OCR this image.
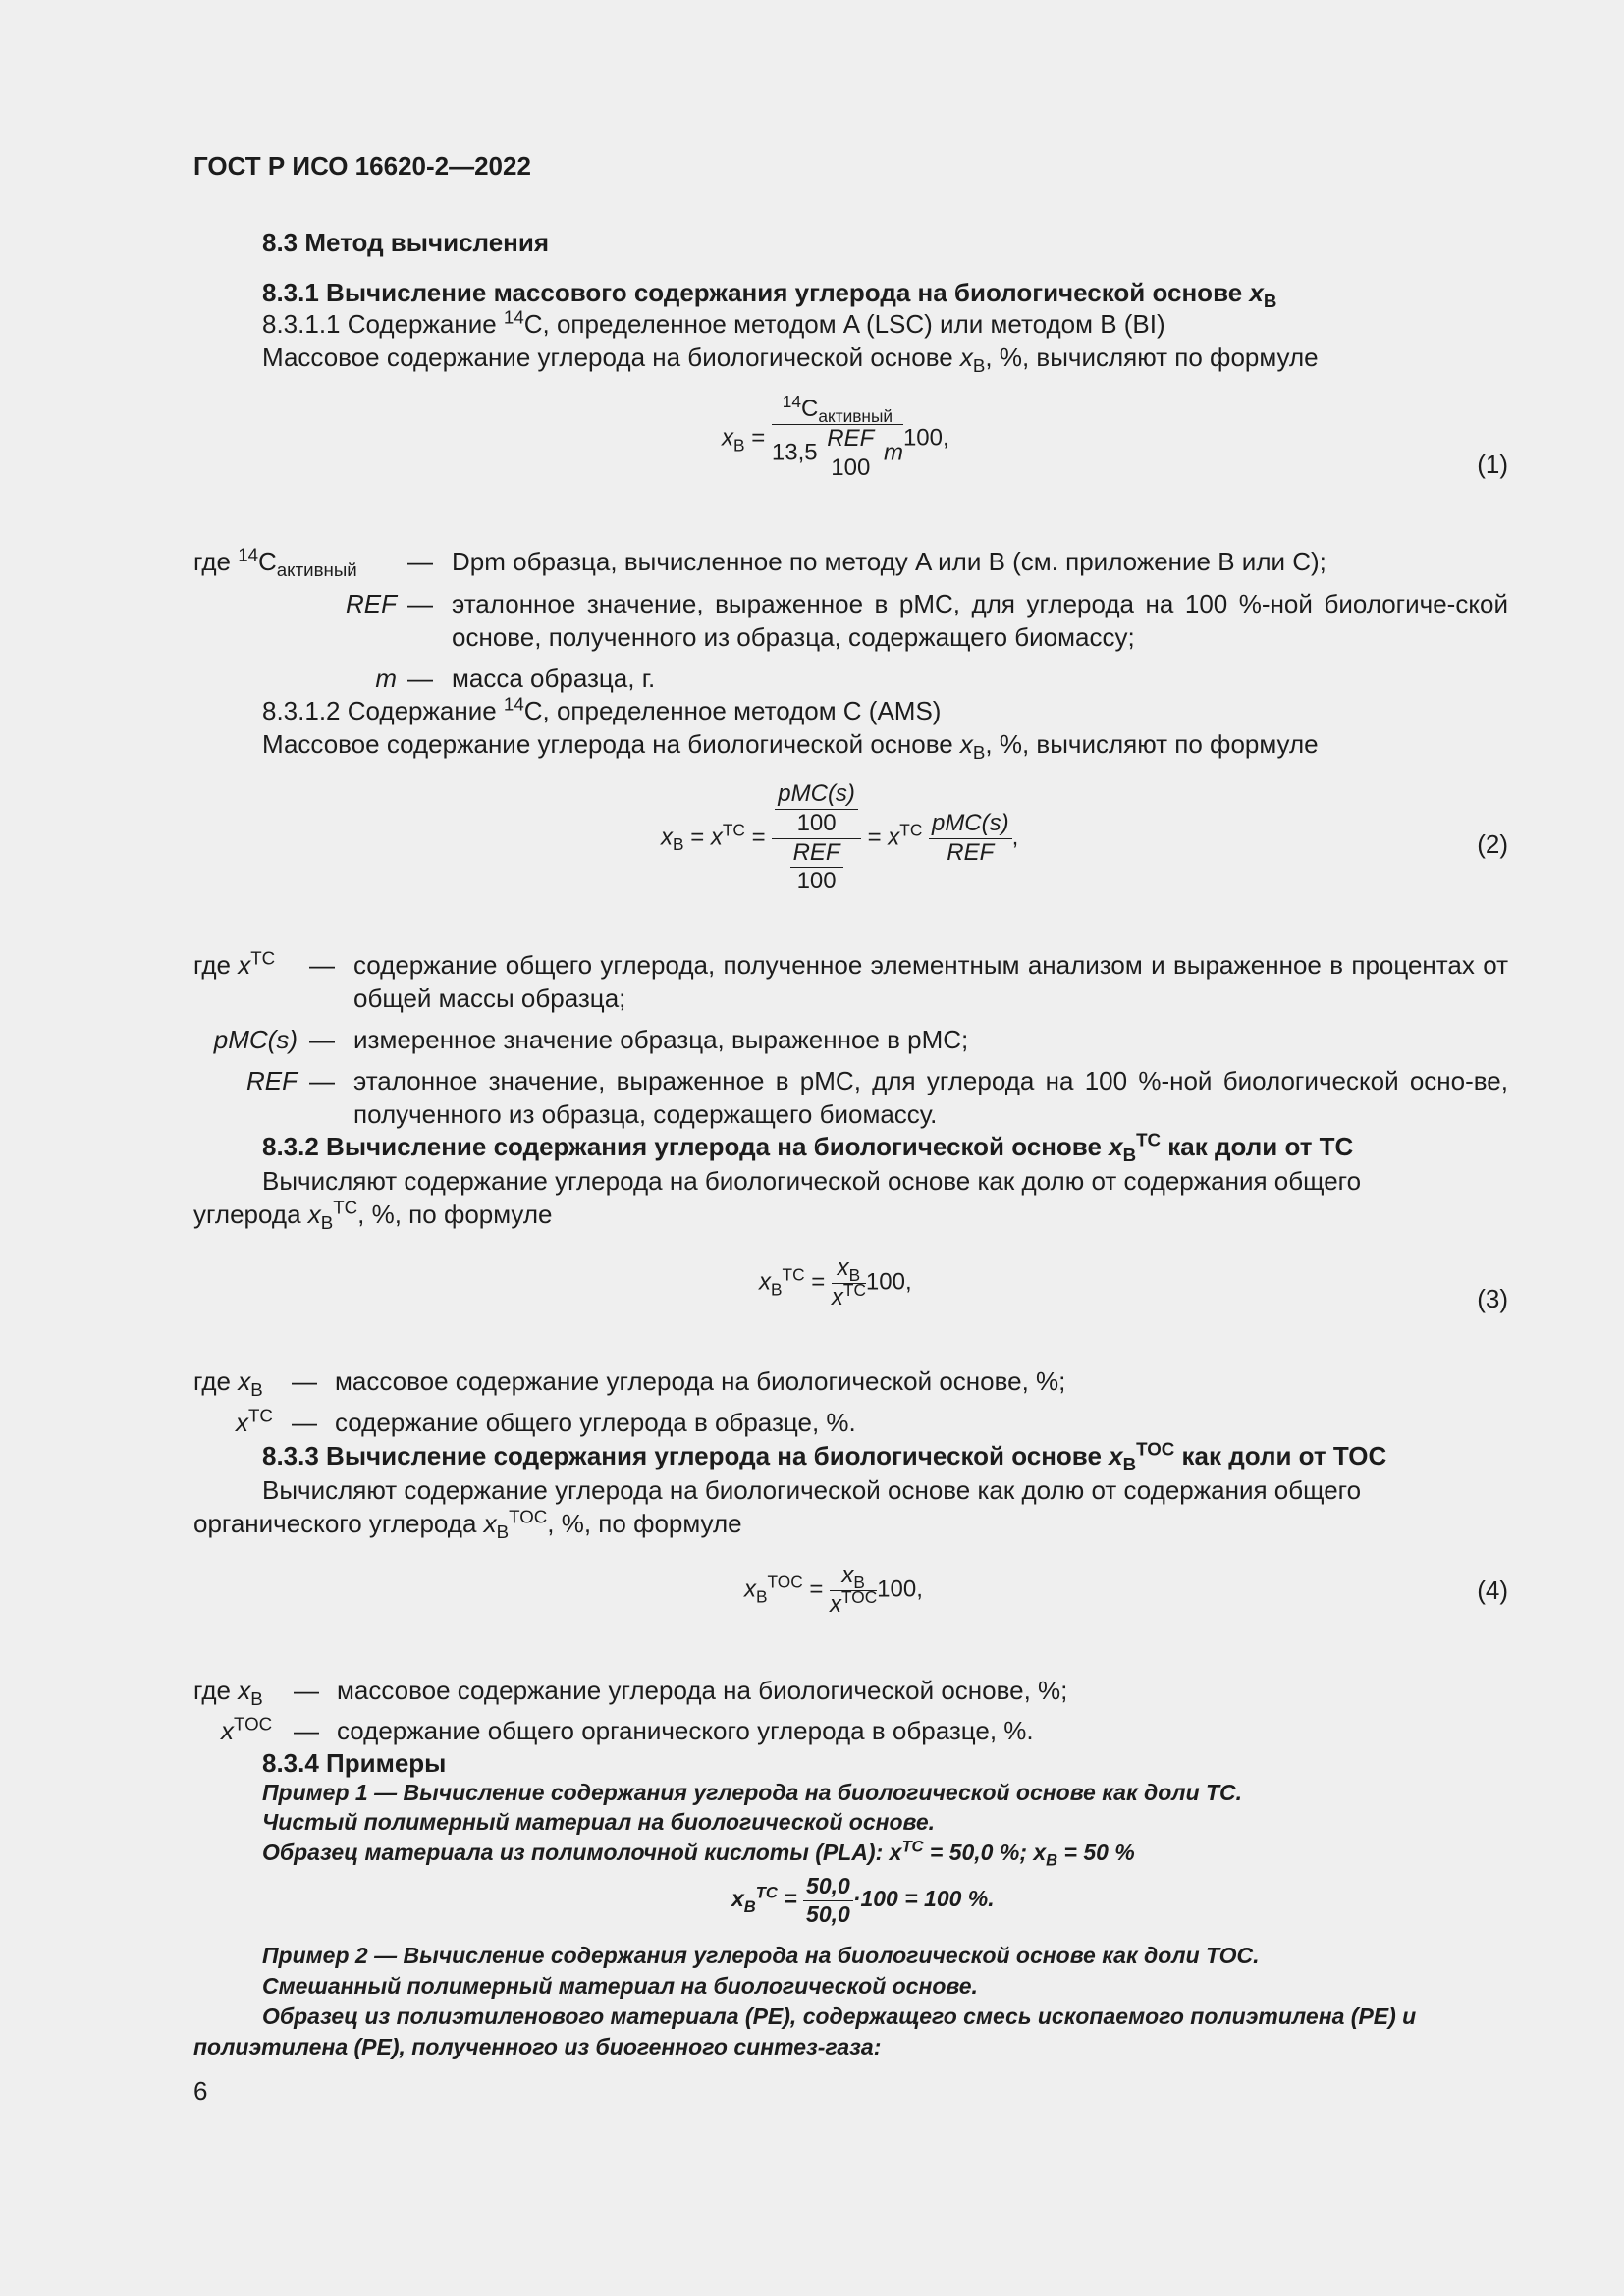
ГОСТ Р ИСО 16620-2—2022
8.3 Метод вычисления
8.3.1 Вычисление массового содержания углерода на биологической основе $x_B$
8.3.1.1 Содержание $^{14}$C, определенное методом A (LSC) или методом B (BI)
Массовое содержание углерода на биологической основе $x_B$, %, вычисляют по формуле
$x_B = \frac{^{14}C_{активный}}{13,5 \frac{\text{REF}}{100} m} 100$,
(1)
где $^{14}C_{активный}$ — Dpm образца, вычисленное по методу A или B (см. приложение B или C);
REF — эталонное значение, выраженное в pMC, для углерода на 100 %-ной биологиче-ской основе, полученного из образца, содержащего биомассу;
m — масса образца, г.
8.3.1.2 Содержание $^{14}$C, определенное методом C (AMS)
Массовое содержание углерода на биологической основе $x_B$, %, вычисляют по формуле
$x_B = x^{TC} = \frac{\frac{\text{pMC(s)}}{100}}{\frac{\text{REF}}{100}} = x^{TC} \frac{\text{pMC(s)}}{\text{REF}}$ ,	(2)
где $x^{TC}$ — содержание общего углерода, полученное элементным анализом и выраженное в процентах от общей массы образца;
pMC(s) — измеренное значение образца, выраженное в pMC;
REF — эталонное значение, выраженное в pMC, для углерода на 100 %-ной биологической осно-ве, полученного из образца, содержащего биомассу.
8.3.2 Вычисление содержания углерода на биологической основе $x_B^{TC}$ как доли от TC
Вычисляют содержание углерода на биологической основе как долю от содержания общего
углерода $x_B^{TC}$, %, по формуле
$x_B^{TC} = \frac{x_B}{x^{TC}} 100$,
(3)
где $x_B$ — массовое содержание углерода на биологической основе, %;
$x^{TC}$ — содержание общего углерода в образце, %.
8.3.3 Вычисление содержания углерода на биологической основе $x_B^{TOC}$ как доли от TOC
Вычисляют содержание углерода на биологической основе как долю от содержания общего
органического углерода $x_B^{TOC}$, %, по формуле
$x_B^{TOC} = \frac{x_B}{x^{TOC}} 100$,	(4)
где $x_B$ — массовое содержание углерода на биологической основе, %;
$x^{TOC}$ — содержание общего органического углерода в образце, %.
8.3.4 Примеры
Пример 1 — Вычисление содержания углерода на биологической основе как доли TC.
Чистый полимерный материал на биологической основе.
Образец материала из полимолочной кислоты (PLA): $x^{TC} = 50,0$ %; $x_B = 50$ %
$x_B^{TC} = \frac{50,0}{50,0} \cdot 100 = 100$ %.
Пример 2 — Вычисление содержания углерода на биологической основе как доли TOC.
Смешанный полимерный материал на биологической основе.
Образец из полиэтиленового материала (PE), содержащего смесь ископаемого полиэтилена (PE) и
полиэтилена (PE), полученного из биогенного синтез-газа:
6
